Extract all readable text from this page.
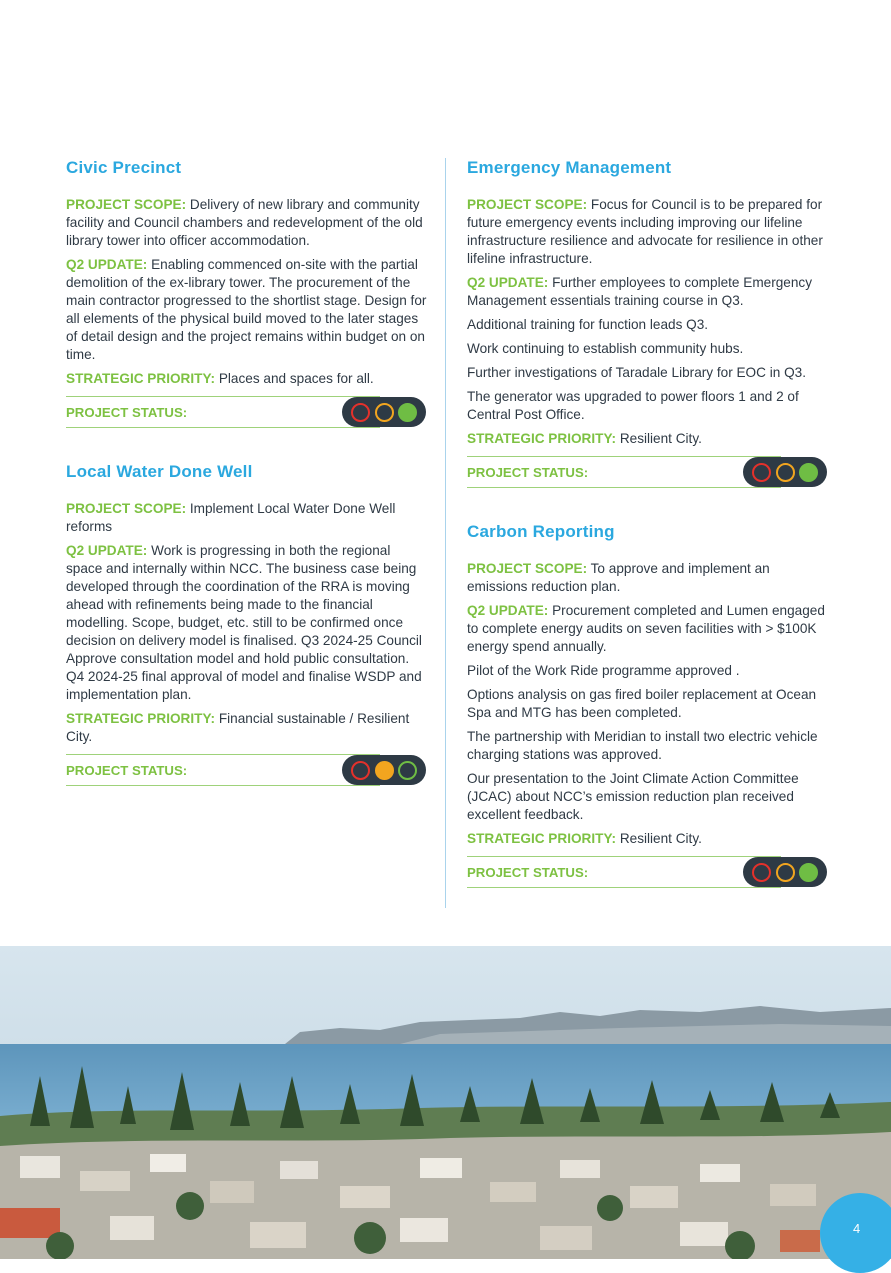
Civic Precinct

PROJECT SCOPE: Delivery of new library and community facility and Council chambers and redevelopment of the old library tower into officer accommodation.

Q2 UPDATE: Enabling commenced on-site with the partial demolition of the ex-library tower. The procurement of the main contractor progressed to the shortlist stage. Design for all elements of the physical build moved to the later stages of detail design and the project remains within budget on on time.

STRATEGIC PRIORITY: Places and spaces for all.

PROJECT STATUS:
Local Water Done Well

PROJECT SCOPE: Implement Local Water Done Well reforms

Q2 UPDATE: Work is progressing in both the regional space and internally within NCC. The business case being developed through the coordination of the RRA is moving ahead with refinements being made to the financial modelling. Scope, budget, etc. still to be confirmed once decision on delivery model is finalised. Q3 2024-25 Council Approve consultation model and hold public consultation. Q4 2024-25 final approval of model and finalise WSDP and implementation plan.

STRATEGIC PRIORITY: Financial sustainable / Resilient City.

PROJECT STATUS:
Emergency Management

PROJECT SCOPE: Focus for Council is to be prepared for future emergency events including improving our lifeline infrastructure resilience and advocate for resilience in other lifeline infrastructure.

Q2 UPDATE: Further employees to complete Emergency Management essentials training course in Q3.

Additional training for function leads Q3.

Work continuing to establish community hubs.

Further investigations of Taradale Library for EOC in Q3.

The generator was upgraded to power floors 1 and 2 of Central Post Office.

STRATEGIC PRIORITY: Resilient City.

PROJECT STATUS:
Carbon Reporting

PROJECT SCOPE: To approve and implement an emissions reduction plan.

Q2 UPDATE: Procurement completed and Lumen engaged to complete energy audits on seven facilities with > $100K energy spend annually.

Pilot of the Work Ride programme approved .

Options analysis on gas fired boiler replacement at Ocean Spa and MTG has been completed.

The partnership with Meridian to install two electric vehicle charging stations was approved.

Our presentation to the Joint Climate Action Committee (JCAC) about NCC’s emission reduction plan received excellent feedback.

STRATEGIC PRIORITY: Resilient City.

PROJECT STATUS:
4
